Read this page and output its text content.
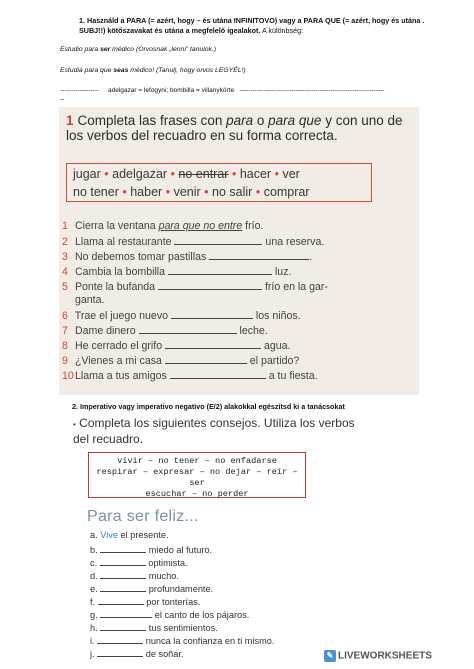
1. Használd a PARA (= azért, hogy – és utána INFINITOVO) vagy a PARA QUE (= azért, hogy és utána . SUBJ!!) kötőszavakat és utána a megfelelő igealakot. A különbség:
Estudio para ser médico (Orvosnak „lenni” tanulok.)
Estudia para que seas médico! (Tanulj, hogy orvos LEGYÉL!)
------------------ adelgazar = lefogyni; bombilla = villanykörte -------------------------------------------------------------------
--
1 Completa las frases con para o para que y con uno de los verbos del recuadro en su forma correcta.
jugar • adelgazar • no entrar • hacer • ver
no tener • haber • venir • no salir • comprar
1 Cierra la ventana para que no entre frío.
2 Llama al restaurante	una reserva.
3 No debemos tomar pastillas	.
4 Cambia la bombilla	luz.
5 Ponte la bufanda	frío en la gar-
ganta.
6 Trae el juego nuevo	los niños.
7 Dame dinero	leche.
8 He cerrado el grifo	agua.
9 ¿Vienes a mi casa	el partido?
10 Llama a tus amigos	a tu fiesta.
2. Imperativo vagy imperativo negativo (E/2) alakokkal egészítsd ki a tanácsokat
• Completa los siguientes consejos. Utiliza los verbos del recuadro.
vivir – no tener – no enfadarse
respirar – expresar – no dejar – reír – ser
escuchar – no perder
Para ser feliz...
a. Vive el presente.
b.	miedo al futuro.
c.	optimista.
d.	mucho.
e.	profundamente.
f.	por tonterías.
g.	el canto de los pájaros.
h.	tus sentimientos.
i.	nunca la confianza en ti mismo.
j.	de soñar.	✎ LIVEWORKSHEETS
